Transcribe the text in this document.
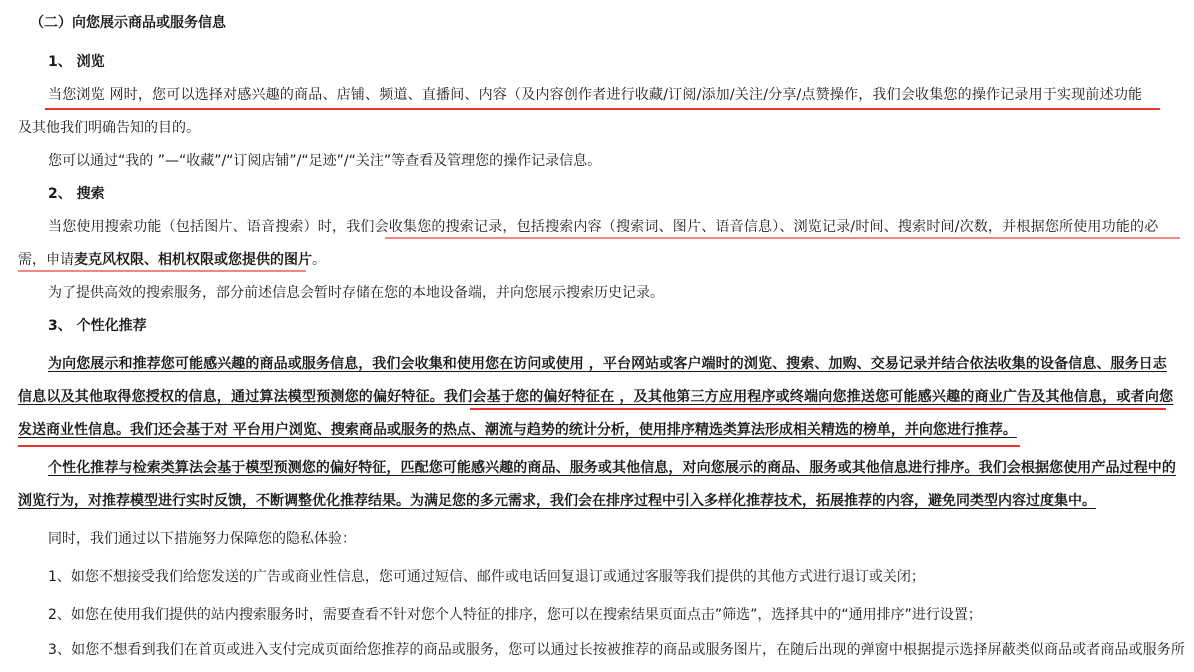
（二）向您展示商品或服务信息
1、 浏览
当您浏览 网时，您可以选择对感兴趣的商品、店铺、频道、直播间、内容（及内容创作者进行收藏/订阅/添加/关注/分享/点赞操作，我们会收集您的操作记录用于实现前述功能
及其他我们明确告知的目的。
您可以通过“我的 ”—“收藏”/“订阅店铺”/“足迹”/“关注”等查看及管理您的操作记录信息。
2、 搜索
当您使用搜索功能（包括图片、语音搜索）时，我们会收集您的搜索记录，包括搜索内容（搜索词、图片、语音信息）、浏览记录/时间、搜索时间/次数，并根据您所使用功能的必
需，申请麦克风权限、相机权限或您提供的图片。
为了提供高效的搜索服务，部分前述信息会暂时存储在您的本地设备端，并向您展示搜索历史记录。
3、 个性化推荐
为向您展示和推荐您可能感兴趣的商品或服务信息，我们会收集和使用您在访问或使用 ，平台网站或客户端时的浏览、搜索、加购、交易记录并结合依法收集的设备信息、服务日志
信息以及其他取得您授权的信息，通过算法模型预测您的偏好特征。我们会基于您的偏好特征在 ，及其他第三方应用程序或终端向您推送您可能感兴趣的商业广告及其他信息，或者向您
发送商业性信息。我们还会基于对 平台用户浏览、搜索商品或服务的热点、潮流与趋势的统计分析，使用排序精选类算法形成相关精选的榜单，并向您进行推荐。
个性化推荐与检索类算法会基于模型预测您的偏好特征，匹配您可能感兴趣的商品、服务或其他信息，对向您展示的商品、服务或其他信息进行排序。我们会根据您使用产品过程中的
浏览行为，对推荐模型进行实时反馈，不断调整优化推荐结果。为满足您的多元需求，我们会在排序过程中引入多样化推荐技术，拓展推荐的内容，避免同类型内容过度集中。
同时，我们通过以下措施努力保障您的隐私体验：
1、如您不想接受我们给您发送的广告或商业性信息，您可通过短信、邮件或电话回复退订或通过客服等我们提供的其他方式进行退订或关闭；
2、如您在使用我们提供的站内搜索服务时，需要查看不针对您个人特征的排序，您可以在搜索结果页面点击”筛选”，选择其中的“通用排序”进行设置；
3、如您不想看到我们在首页或进入支付完成页面给您推荐的商品或服务，您可以通过长按被推荐的商品或服务图片，在随后出现的弹窗中根据提示选择屏蔽类似商品或者商品或服务所
